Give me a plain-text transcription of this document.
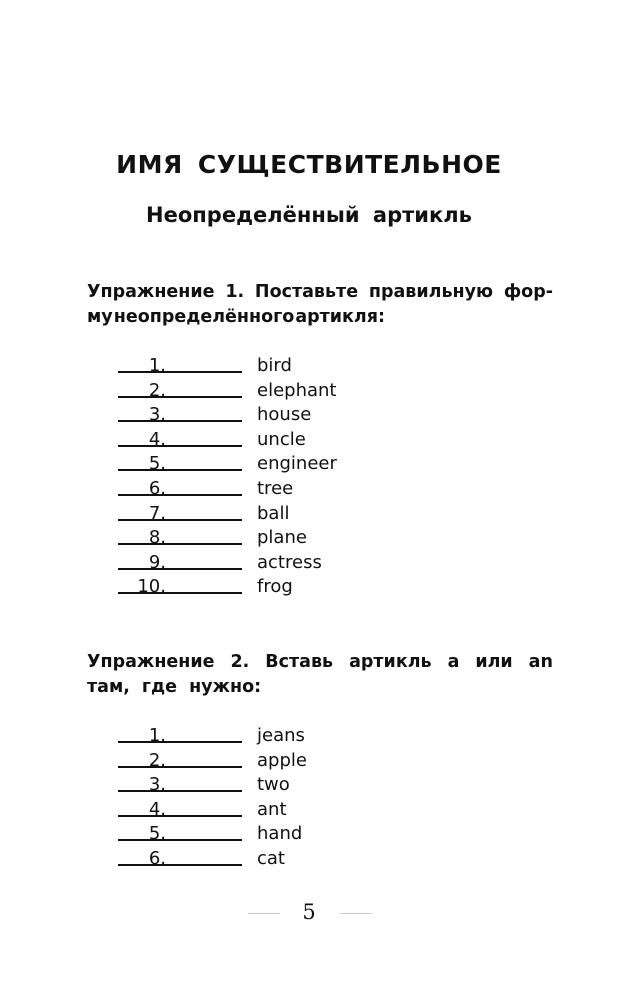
ИМЯ СУЩЕСТВИТЕЛЬНОЕ
Неопределённый артикль
Упражнение 1. Поставьте правильную фор-
му неопределённого артикля:
1.	bird
2.	elephant
3.	house
4.	uncle
5.	engineer
6.	tree
7.	ball
8.	plane
9.	actress
10.	frog
Упражнение 2. Вставь артикль a или an
там, где нужно:
1.	jeans
2.	apple
3.	two
4.	ant
5.	hand
6.	cat
5
